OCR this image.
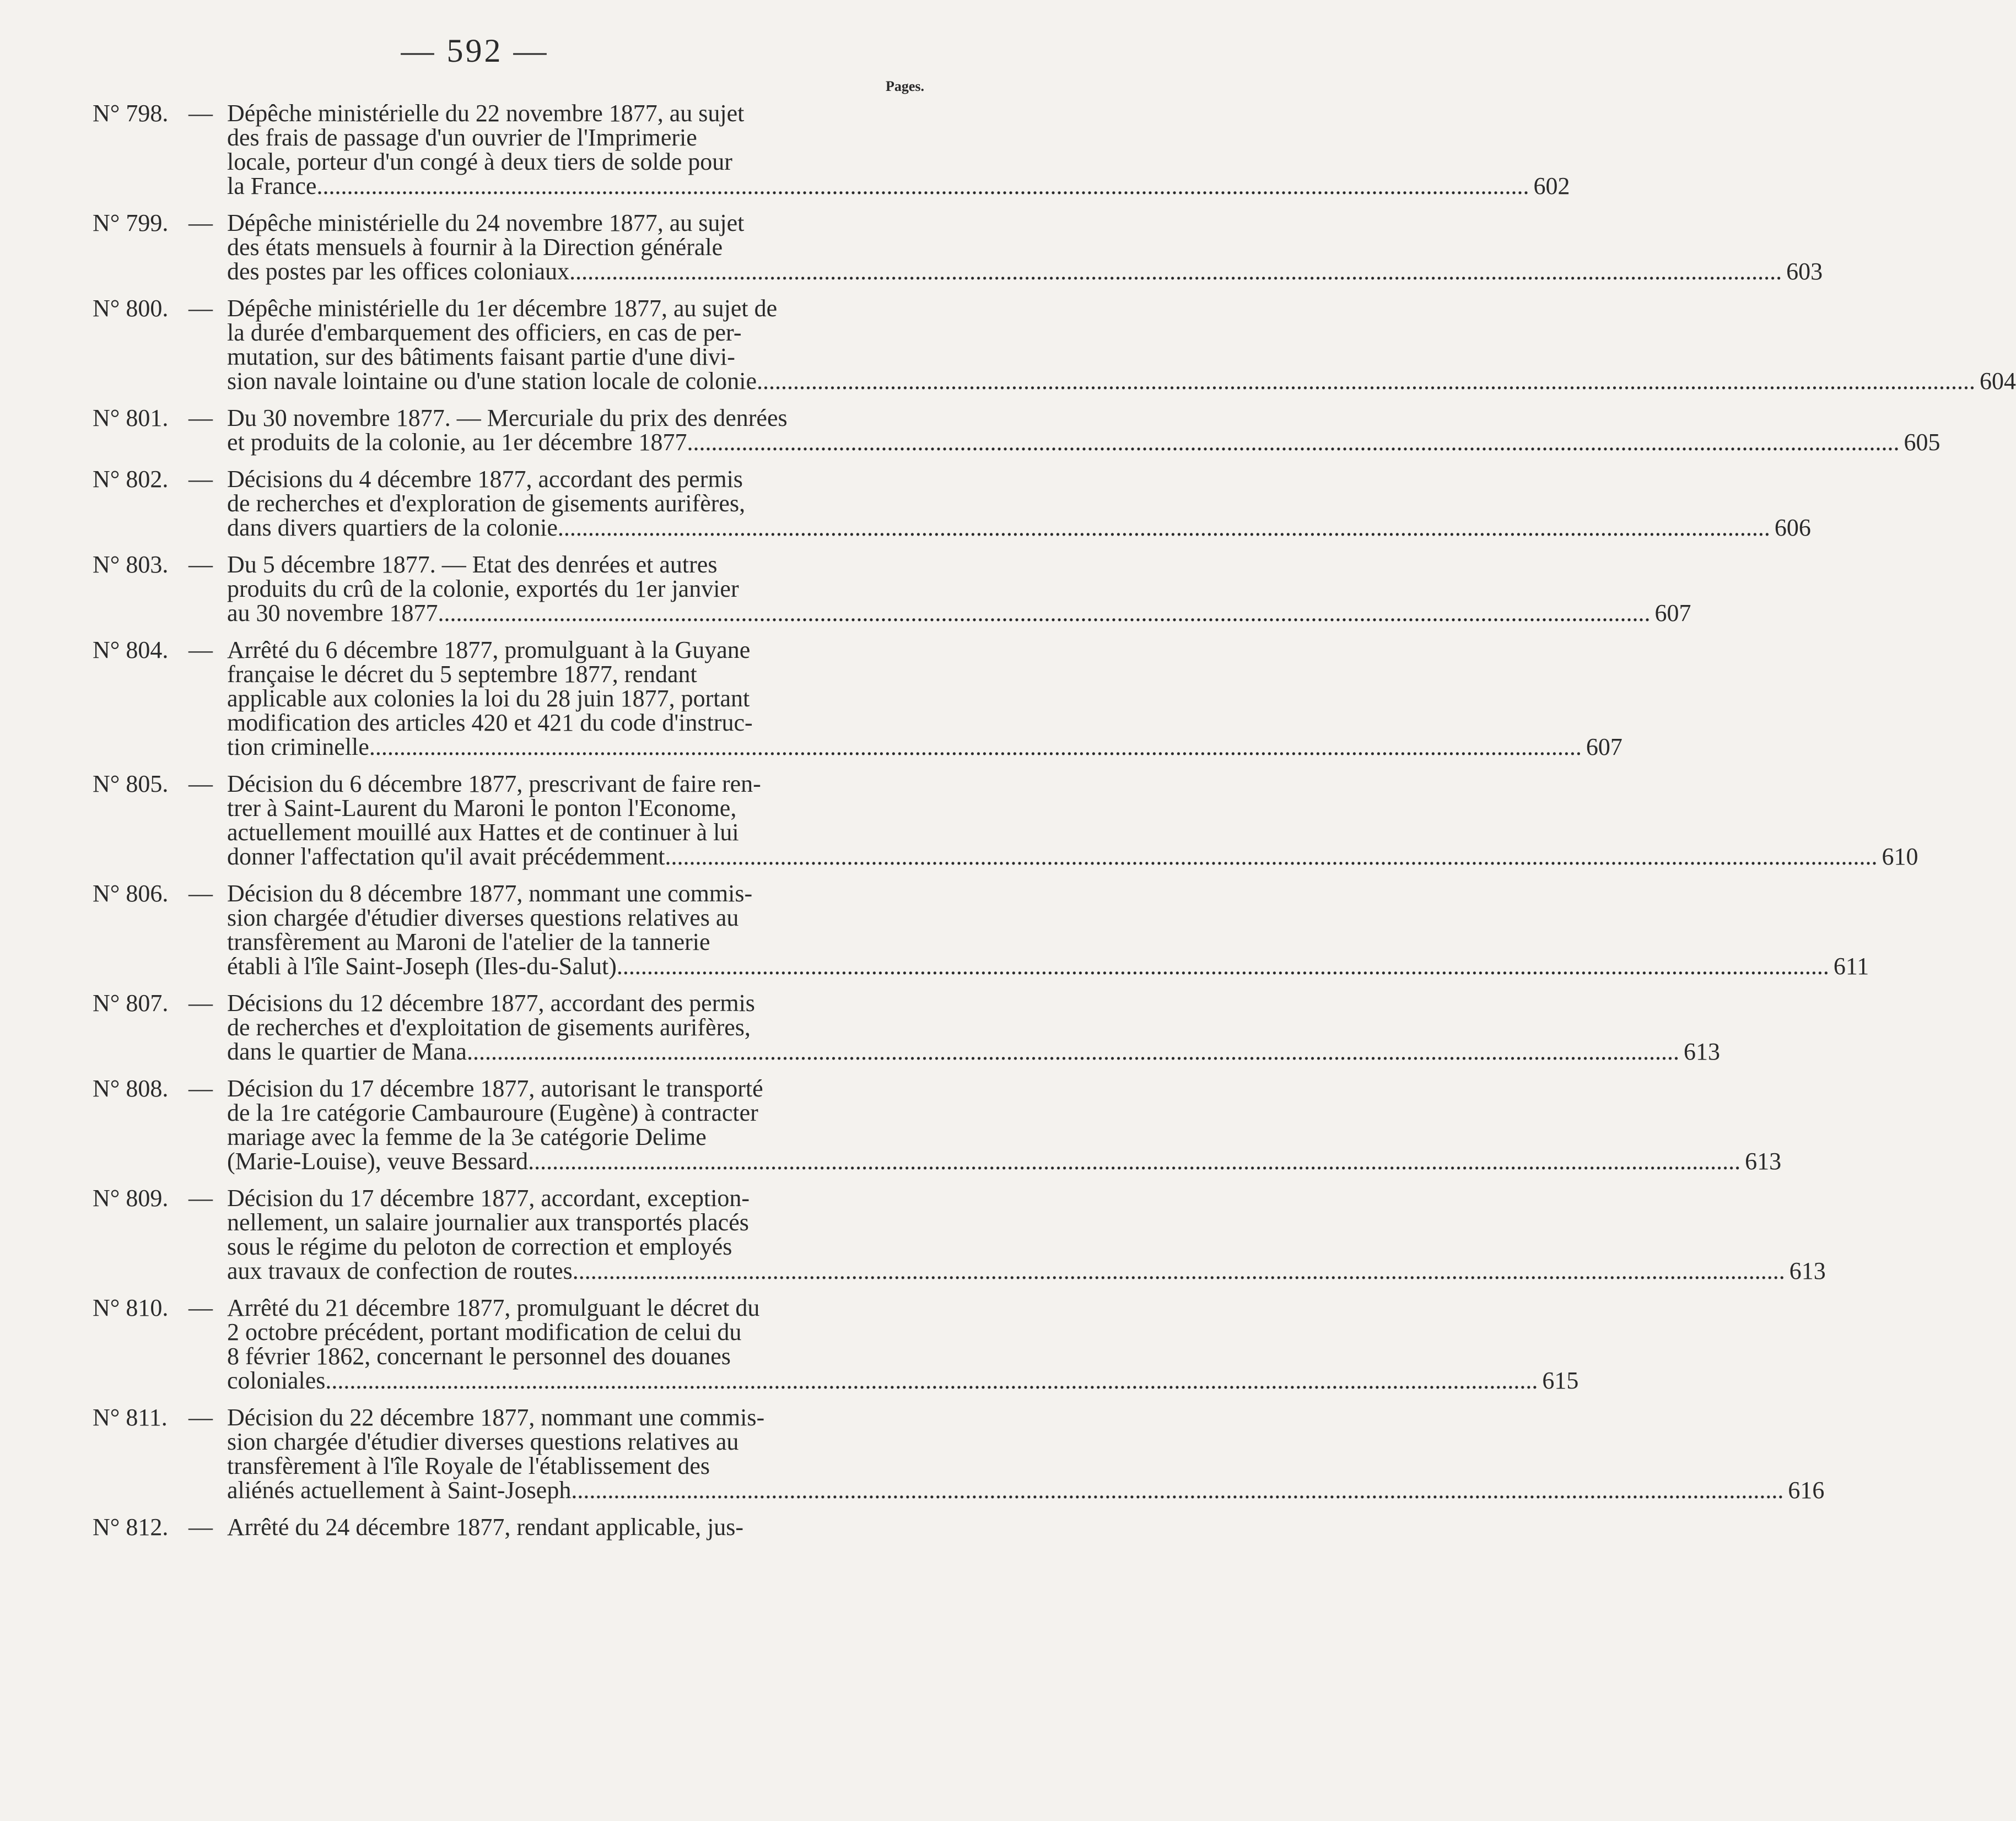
— 592 —
Pages.
N° 798. — Dépêche ministérielle du 22 novembre 1877, au sujet
des frais de passage d'un ouvrier de l'Imprimerie
locale, porteur d'un congé à deux tiers de solde pour
la France ........................................................................................................................................................................................................ 602
N° 799. — Dépêche ministérielle du 24 novembre 1877, au sujet
des états mensuels à fournir à la Direction générale
des postes par les offices coloniaux ........................................................................................................................................................................................................ 603
N° 800. — Dépêche ministérielle du 1er décembre 1877, au sujet de
la durée d'embarquement des officiers, en cas de per-
mutation, sur des bâtiments faisant partie d'une divi-
sion navale lointaine ou d'une station locale de colonie. ........................................................................................................................................................................................................ 604
N° 801. — Du 30 novembre 1877. — Mercuriale du prix des denrées
et produits de la colonie, au 1er décembre 1877 ........................................................................................................................................................................................................ 605
N° 802. — Décisions du 4 décembre 1877, accordant des permis
de recherches et d'exploration de gisements aurifères,
dans divers quartiers de la colonie ........................................................................................................................................................................................................ 606
N° 803. — Du 5 décembre 1877. — Etat des denrées et autres
produits du crû de la colonie, exportés du 1er janvier
au 30 novembre 1877 ........................................................................................................................................................................................................ 607
N° 804. — Arrêté du 6 décembre 1877, promulguant à la Guyane
française le décret du 5 septembre 1877, rendant
applicable aux colonies la loi du 28 juin 1877, portant
modification des articles 420 et 421 du code d'instruc-
tion criminelle ........................................................................................................................................................................................................ 607
N° 805. — Décision du 6 décembre 1877, prescrivant de faire ren-
trer à Saint-Laurent du Maroni le ponton l'Econome,
actuellement mouillé aux Hattes et de continuer à lui
donner l'affectation qu'il avait précédemment ........................................................................................................................................................................................................ 610
N° 806. — Décision du 8 décembre 1877, nommant une commis-
sion chargée d'étudier diverses questions relatives au
transfèrement au Maroni de l'atelier de la tannerie
établi à l'île Saint-Joseph (Iles-du-Salut) ........................................................................................................................................................................................................ 611
N° 807. — Décisions du 12 décembre 1877, accordant des permis
de recherches et d'exploitation de gisements aurifères,
dans le quartier de Mana ........................................................................................................................................................................................................ 613
N° 808. — Décision du 17 décembre 1877, autorisant le transporté
de la 1re catégorie Cambauroure (Eugène) à contracter
mariage avec la femme de la 3e catégorie Delime
(Marie-Louise), veuve Bessard ........................................................................................................................................................................................................ 613
N° 809. — Décision du 17 décembre 1877, accordant, exception-
nellement, un salaire journalier aux transportés placés
sous le régime du peloton de correction et employés
aux travaux de confection de routes ........................................................................................................................................................................................................ 613
N° 810. — Arrêté du 21 décembre 1877, promulguant le décret du
2 octobre précédent, portant modification de celui du
8 février 1862, concernant le personnel des douanes
coloniales ........................................................................................................................................................................................................ 615
N° 811. — Décision du 22 décembre 1877, nommant une commis-
sion chargée d'étudier diverses questions relatives au
transfèrement à l'île Royale de l'établissement des
aliénés actuellement à Saint-Joseph ........................................................................................................................................................................................................ 616
N° 812. — Arrêté du 24 décembre 1877, rendant applicable, jus-
